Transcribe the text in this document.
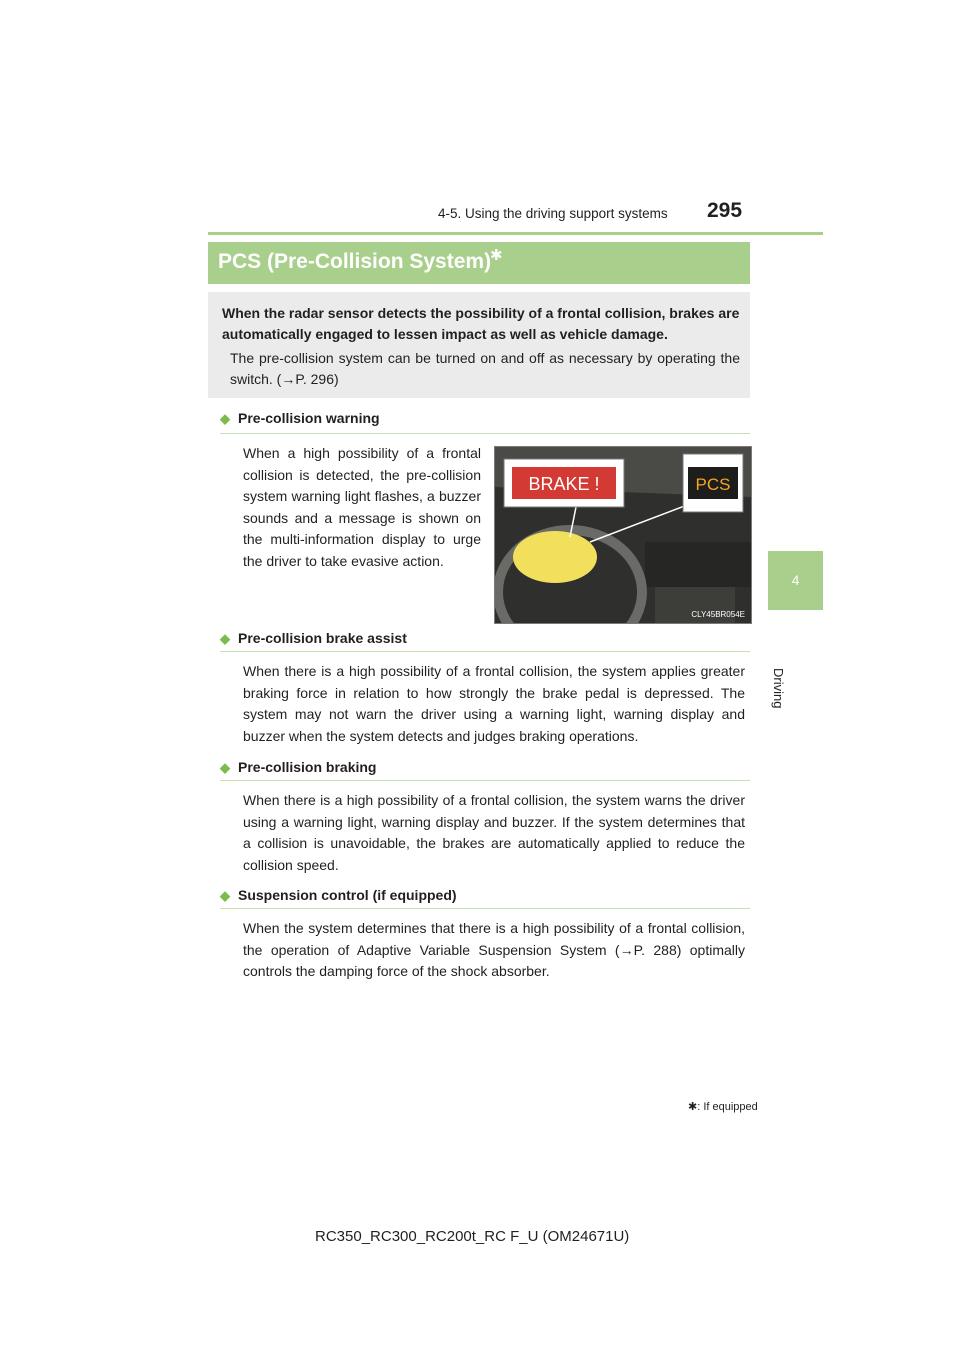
4-5. Using the driving support systems 295
4
Driving
PCS (Pre-Collision System)
✱
When the radar sensor detects the possibility of a frontal collision, brakes are automatically engaged to lessen impact as well as vehicle damage.
The pre-collision system can be turned on and off as necessary by operating the switch. (→P. 296)
◆ Pre-collision warning
When a high possibility of a frontal collision is detected, the pre-collision system warning light flashes, a buzzer sounds and a message is shown on the multi-information display to urge the driver to take evasive action.
BRAKE !	PCS
CLY45BR054E
◆ Pre-collision brake assist
When there is a high possibility of a frontal collision, the system applies greater braking force in relation to how strongly the brake pedal is depressed. The system may not warn the driver using a warning light, warning display and buzzer when the system detects and judges braking operations.
◆ Pre-collision braking
When there is a high possibility of a frontal collision, the system warns the driver using a warning light, warning display and buzzer. If the system determines that a collision is unavoidable, the brakes are automatically applied to reduce the collision speed.
◆ Suspension control (if equipped)
When the system determines that there is a high possibility of a frontal collision, the operation of Adaptive Variable Suspension System (→P. 288) optimally controls the damping force of the shock absorber.
✱: If equipped
RC350_RC300_RC200t_RC F_U (OM24671U)
